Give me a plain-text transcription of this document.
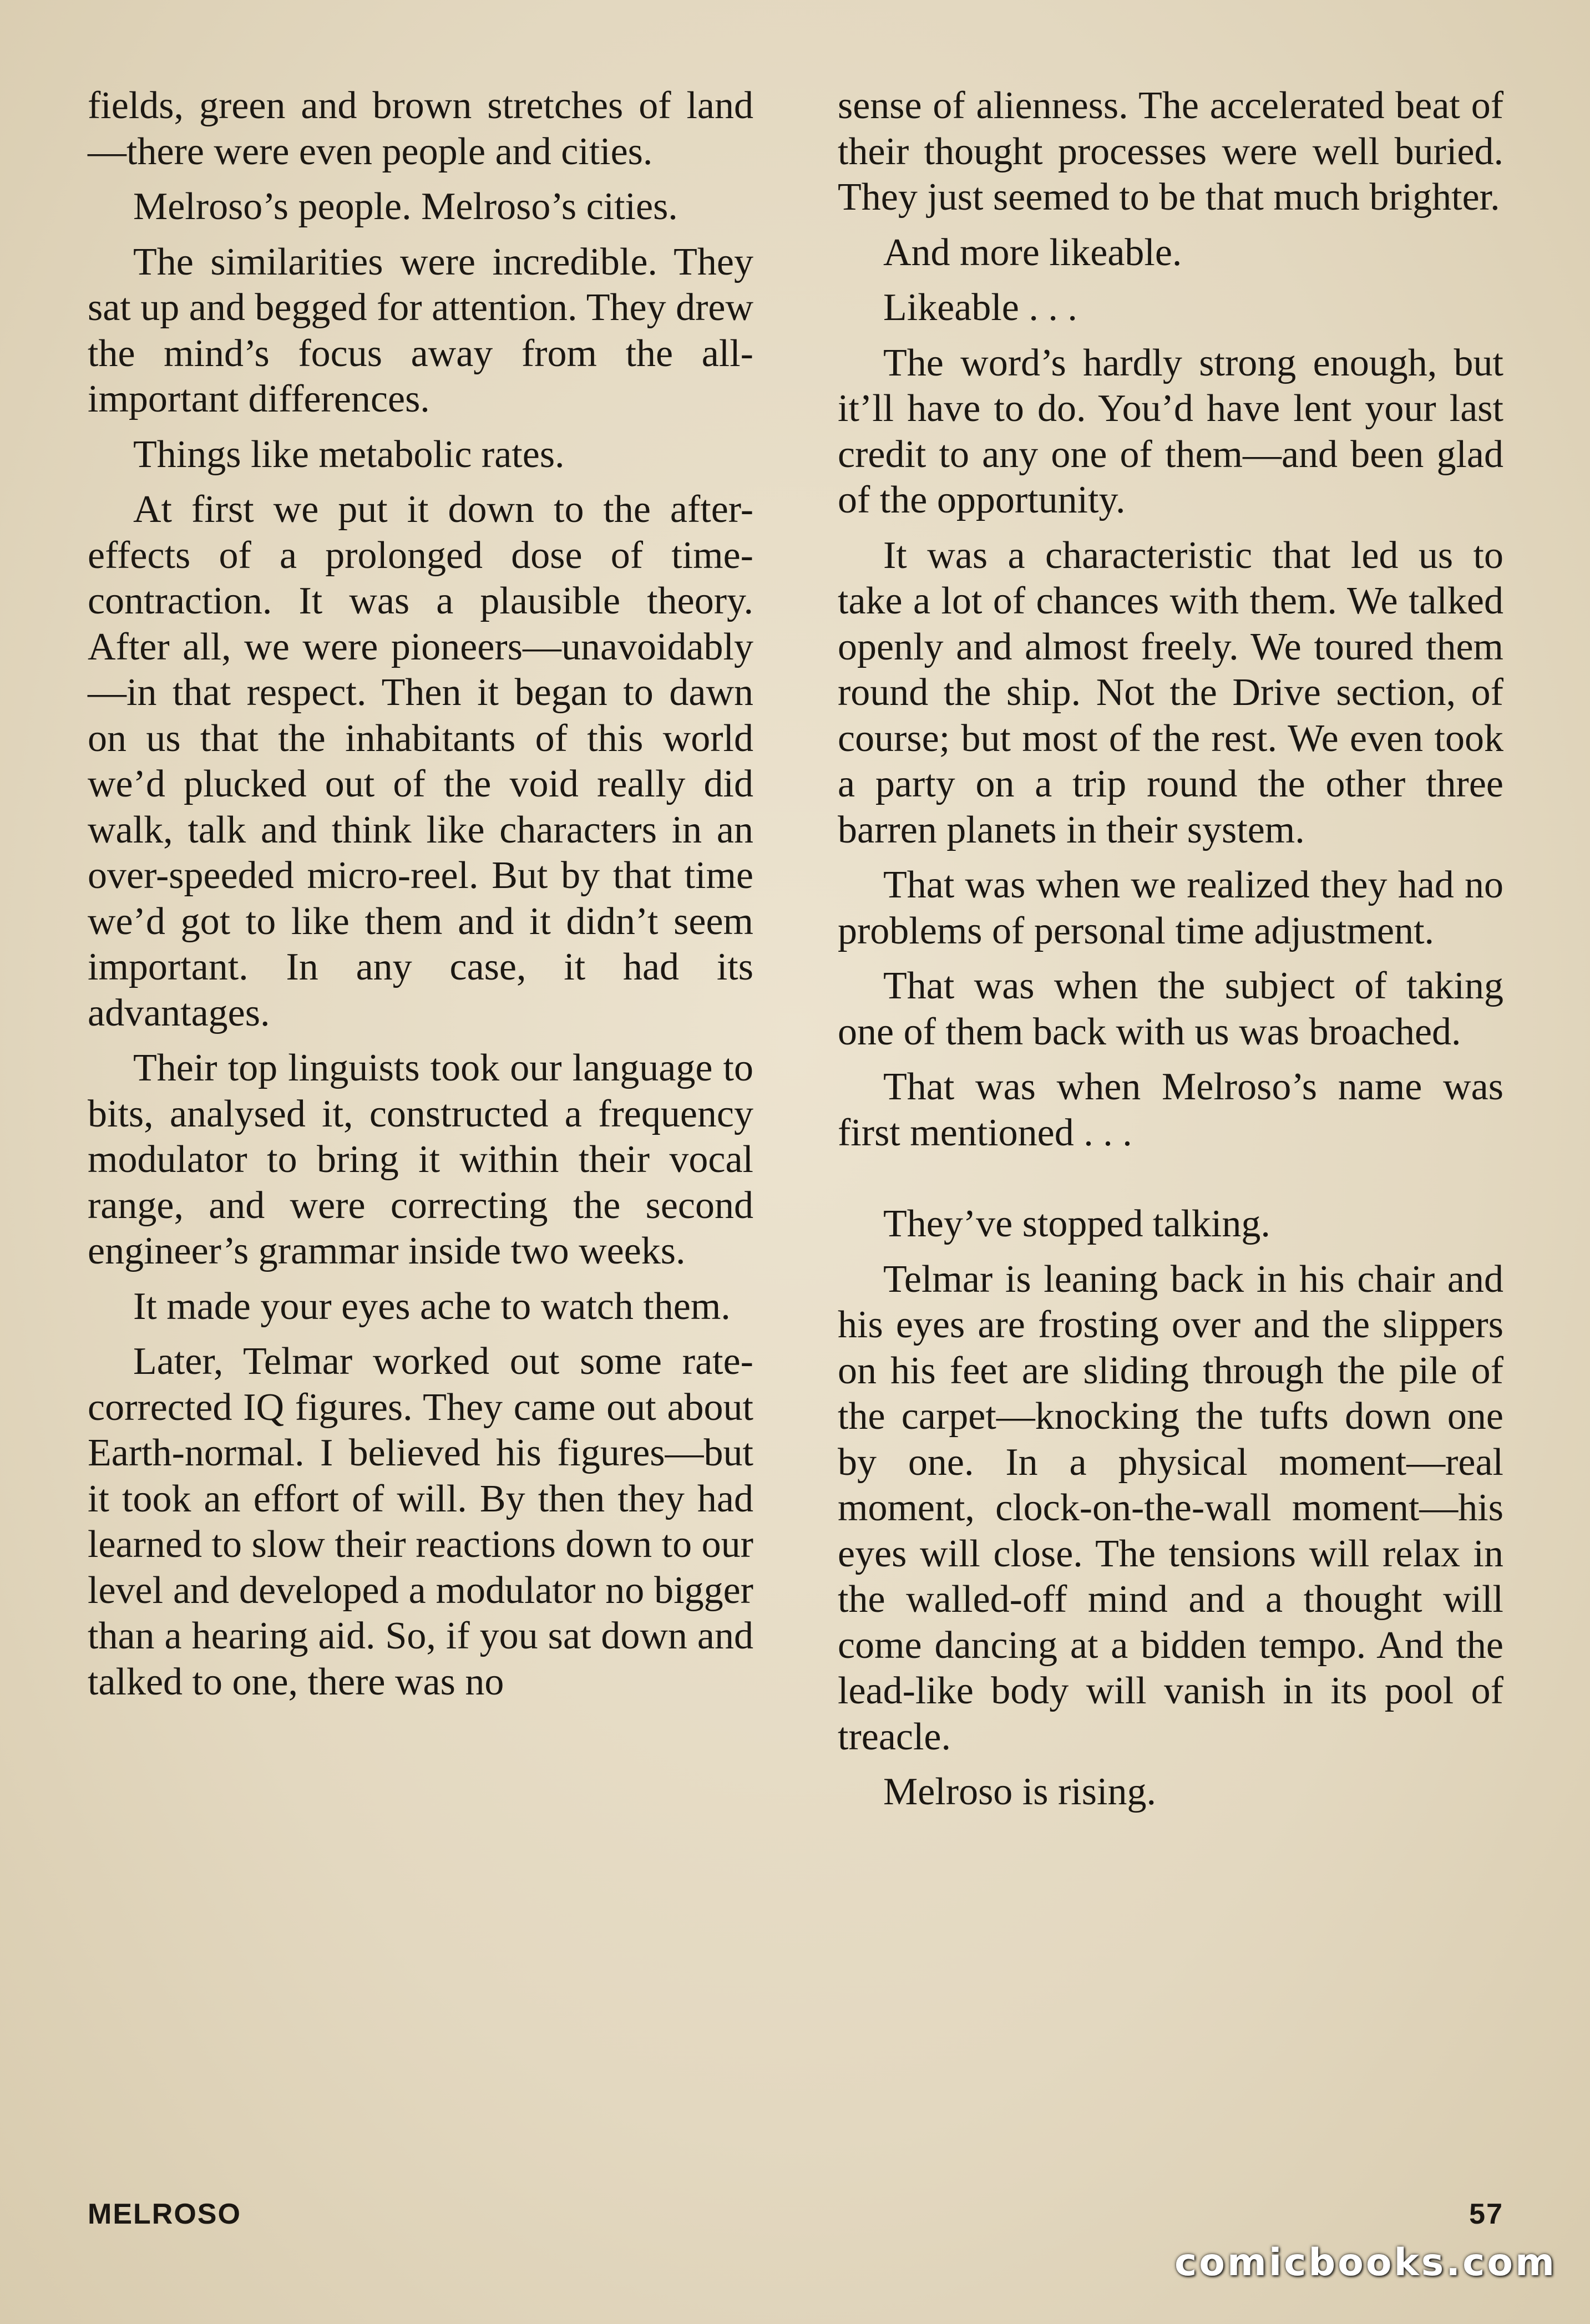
fields, green and brown stretches of land—there were even people and cities.

Melroso’s people. Melroso’s cities.

The similarities were incredible. They sat up and begged for attention. They drew the mind’s focus away from the all-important differences.

Things like metabolic rates.

At first we put it down to the after-effects of a prolonged dose of time-contraction. It was a plausible theory. After all, we were pioneers—unavoidably—in that respect. Then it began to dawn on us that the inhabitants of this world we’d plucked out of the void really did walk, talk and think like characters in an over-speeded micro-reel. But by that time we’d got to like them and it didn’t seem important. In any case, it had its advantages.

Their top linguists took our language to bits, analysed it, constructed a frequency modulator to bring it within their vocal range, and were correcting the second engineer’s grammar inside two weeks.

It made your eyes ache to watch them.

Later, Telmar worked out some rate-corrected IQ figures. They came out about Earth-normal. I believed his figures—but it took an effort of will. By then they had learned to slow their reactions down to our level and developed a modulator no bigger than a hearing aid. So, if you sat down and talked to one, there was no

sense of alienness. The accelerated beat of their thought processes were well buried. They just seemed to be that much brighter.

And more likeable.

Likeable . . .

The word’s hardly strong enough, but it’ll have to do. You’d have lent your last credit to any one of them—and been glad of the opportunity.

It was a characteristic that led us to take a lot of chances with them. We talked openly and almost freely. We toured them round the ship. Not the Drive section, of course; but most of the rest. We even took a party on a trip round the other three barren planets in their system.

That was when we realized they had no problems of personal time adjustment.

That was when the subject of taking one of them back with us was broached.

That was when Melroso’s name was first mentioned . . .

They’ve stopped talking.

Telmar is leaning back in his chair and his eyes are frosting over and the slippers on his feet are sliding through the pile of the carpet—knocking the tufts down one by one. In a physical moment—real moment, clock-on-the-wall moment—his eyes will close. The tensions will relax in the walled-off mind and a thought will come dancing at a bidden tempo. And the lead-like body will vanish in its pool of treacle.

Melroso is rising.

MELROSO	57
comicbooks.com
